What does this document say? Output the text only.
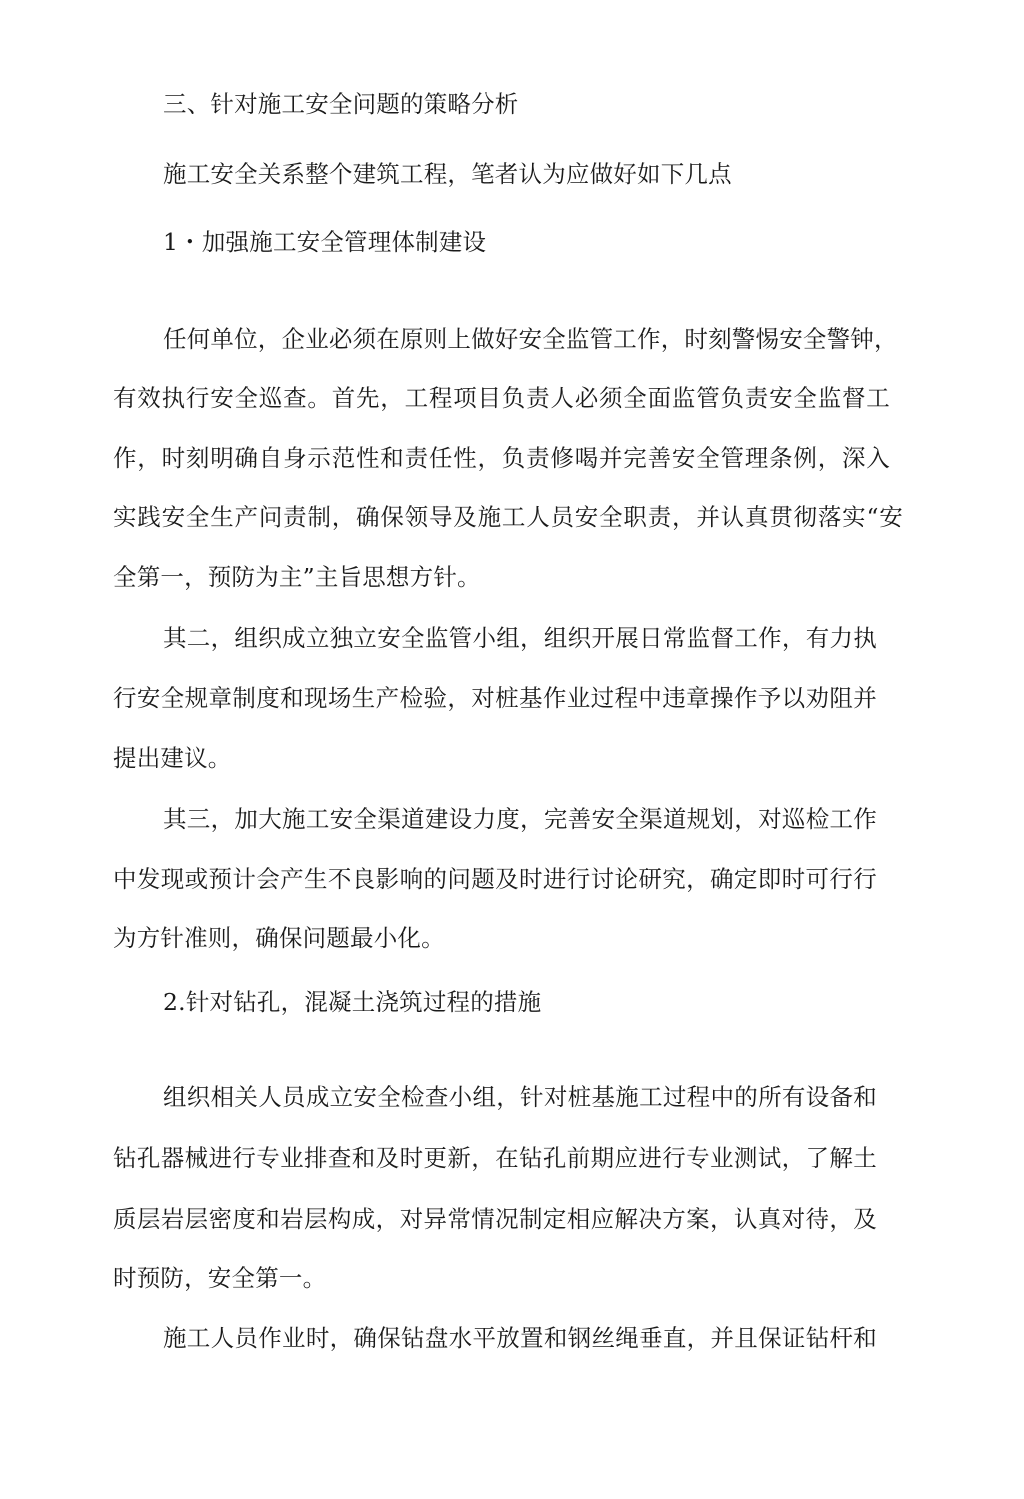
三、针对施工安全问题的策略分析
施工安全关系整个建筑工程，笔者认为应做好如下几点
1・加强施工安全管理体制建设
任何单位，企业必须在原则上做好安全监管工作，时刻警惕安全警钟，
有效执行安全巡查。首先，工程项目负责人必须全面监管负责安全监督工
作，时刻明确自身示范性和责任性，负责修喝并完善安全管理条例，深入
实践安全生产问责制，确保领导及施工人员安全职责，并认真贯彻落实“安
全第一，预防为主”主旨思想方针。
其二，组织成立独立安全监管小组，组织开展日常监督工作，有力执
行安全规章制度和现场生产检验，对桩基作业过程中违章操作予以劝阻并
提出建议。
其三，加大施工安全渠道建设力度，完善安全渠道规划，对巡检工作
中发现或预计会产生不良影响的问题及时进行讨论研究，确定即时可行行
为方针准则，确保问题最小化。
2.针对钻孔，混凝土浇筑过程的措施
组织相关人员成立安全检查小组，针对桩基施工过程中的所有设备和
钻孔器械进行专业排查和及时更新，在钻孔前期应进行专业测试，了解土
质层岩层密度和岩层构成，对异常情况制定相应解决方案，认真对待，及
时预防，安全第一。
施工人员作业时，确保钻盘水平放置和钢丝绳垂直，并且保证钻杆和
